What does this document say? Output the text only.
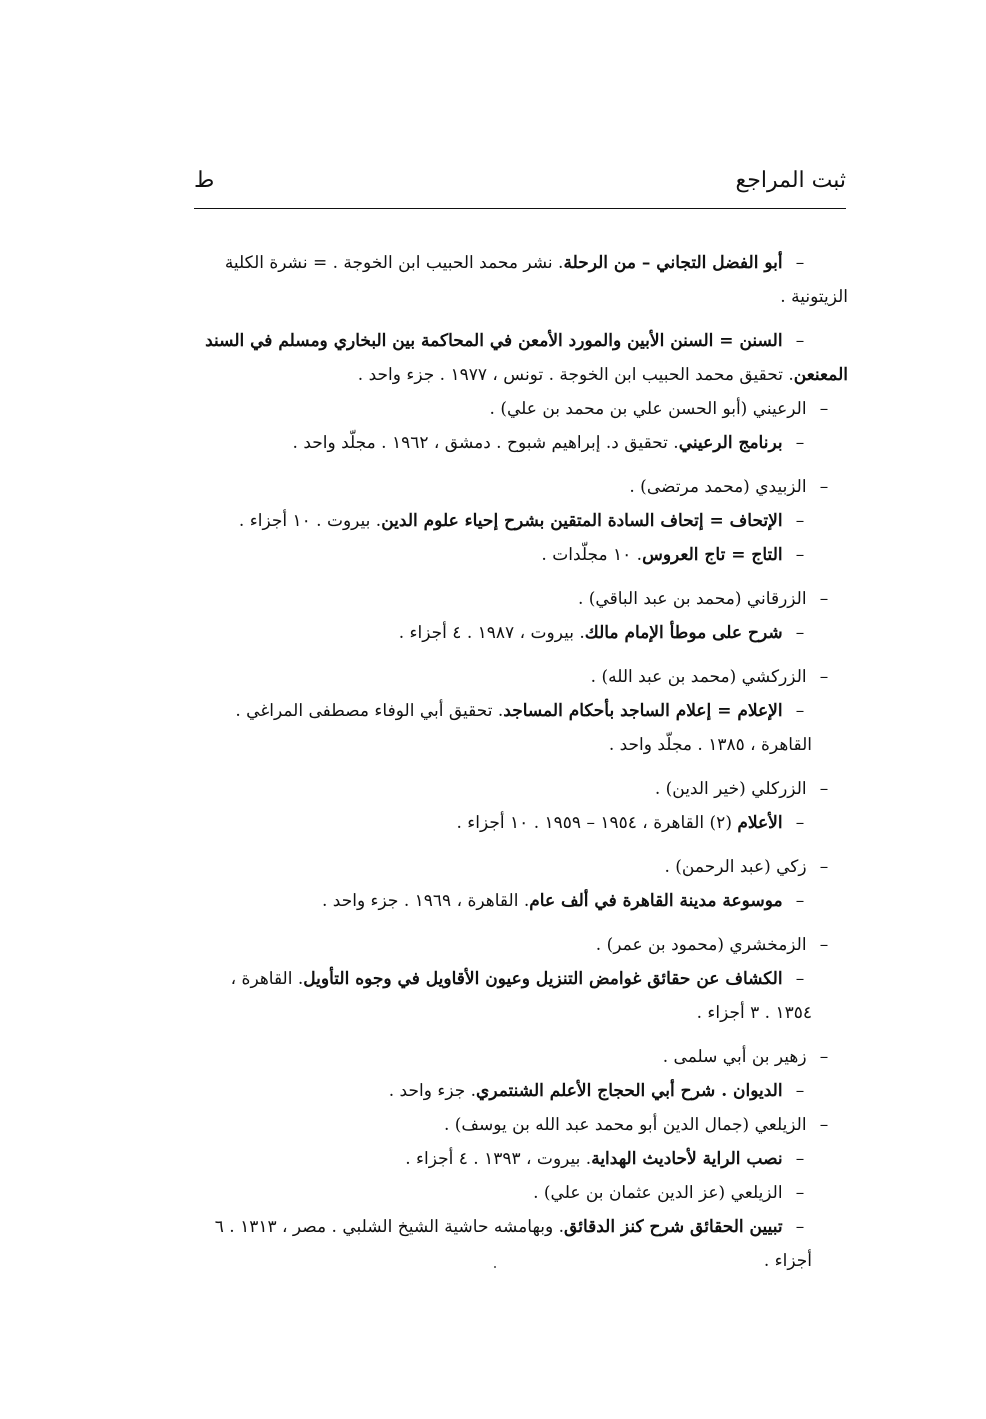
ثبت المراجع
ط
– أبو الفضل التجاني – من الرحلة. نشر محمد الحبيب ابن الخوجة . = نشرة الكلية
الزيتونية .
– السنن = السنن الأبين والمورد الأمعن في المحاكمة بين البخاري ومسلم في السند
المعنعن. تحقيق محمد الحبيب ابن الخوجة . تونس ، ١٩٧٧ . جزء واحد .
– الرعيني (أبو الحسن علي بن محمد بن علي) .
– برنامج الرعيني. تحقيق د. إبراهيم شبوح . دمشق ، ١٩٦٢ . مجلّد واحد .
– الزبيدي (محمد مرتضى) .
– الإتحاف = إتحاف السادة المتقين بشرح إحياء علوم الدين. بيروت . ١٠ أجزاء .
– التاج = تاج العروس. ١٠ مجلّدات .
– الزرقاني (محمد بن عبد الباقي) .
– شرح على موطأ الإمام مالك. بيروت ، ١٩٨٧ . ٤ أجزاء .
– الزركشي (محمد بن عبد الله) .
– الإعلام = إعلام الساجد بأحكام المساجد. تحقيق أبي الوفاء مصطفى المراغي .
القاهرة ، ١٣٨٥ . مجلّد واحد .
– الزركلي (خير الدين) .
– الأعلام (٢) القاهرة ، ١٩٥٤ – ١٩٥٩ . ١٠ أجزاء .
– زكي (عبد الرحمن) .
– موسوعة مدينة القاهرة في ألف عام. القاهرة ، ١٩٦٩ . جزء واحد .
– الزمخشري (محمود بن عمر) .
– الكشاف عن حقائق غوامض التنزيل وعيون الأقاويل في وجوه التأويل. القاهرة ،
١٣٥٤ . ٣ أجزاء .
– زهير بن أبي سلمى .
– الديوان . شرح أبي الحجاج الأعلم الشنتمري. جزء واحد .
– الزيلعي (جمال الدين أبو محمد عبد الله بن يوسف) .
– نصب الراية لأحاديث الهداية. بيروت ، ١٣٩٣ . ٤ أجزاء .
– الزيلعي (عز الدين عثمان بن علي) .
– تبيين الحقائق شرح كنز الدقائق. وبهامشه حاشية الشيخ الشلبي . مصر ، ١٣١٣ . ٦
أجزاء .
